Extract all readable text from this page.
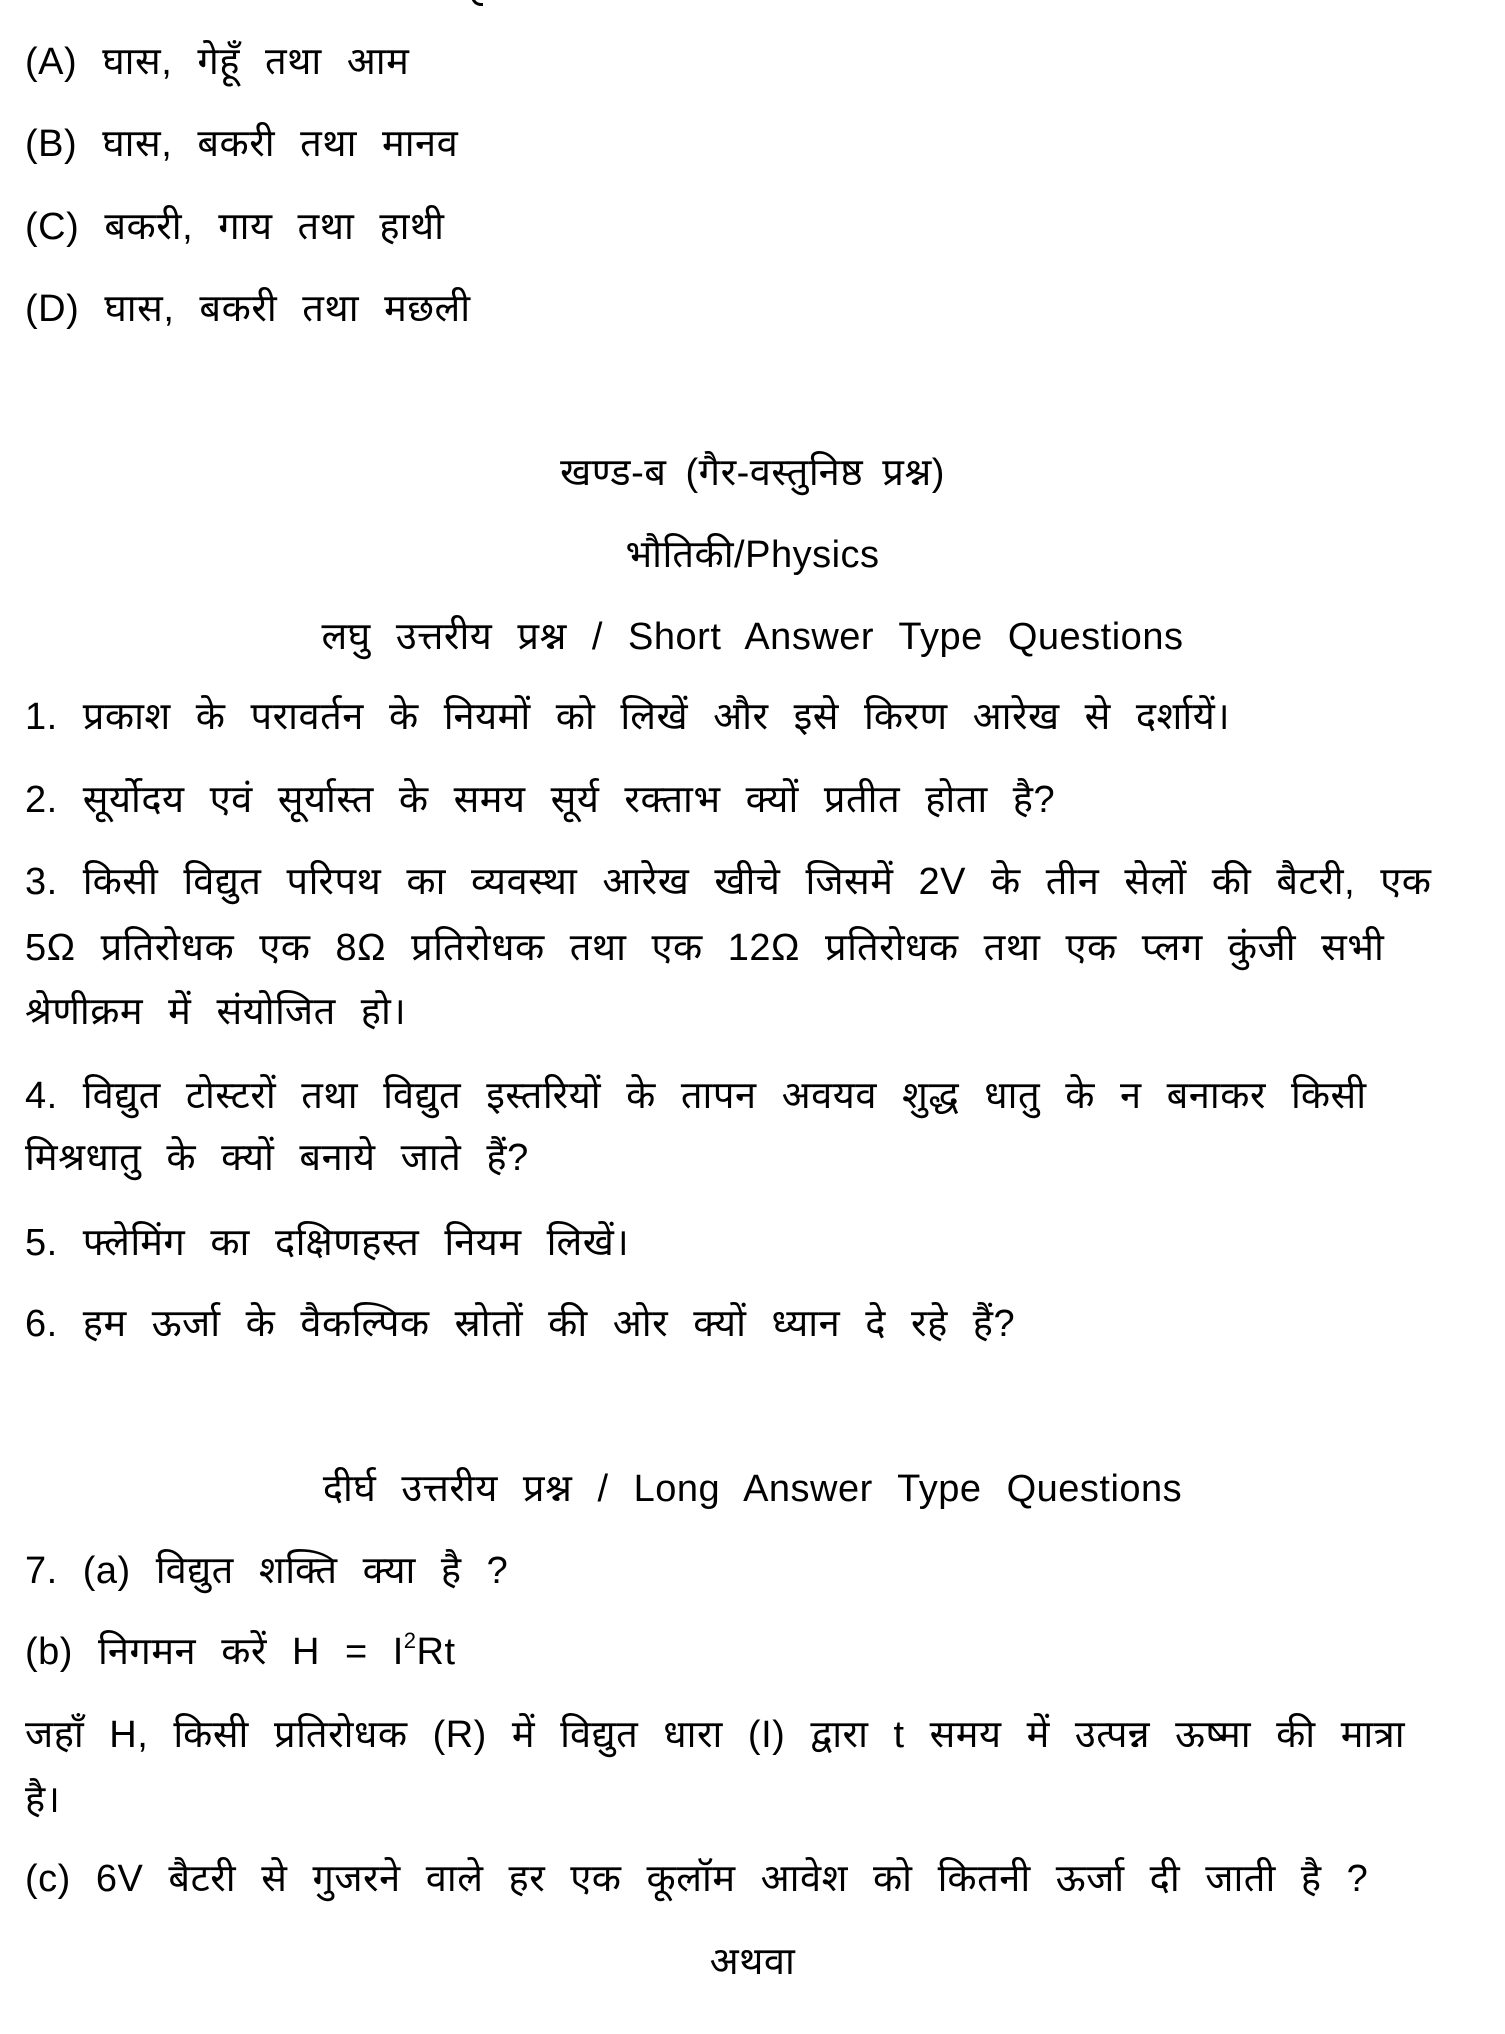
(A) घास, गेहूँ तथा आम
(B) घास, बकरी तथा मानव
(C) बकरी, गाय तथा हाथी
(D) घास, बकरी तथा मछली
खण्ड-ब (गैर-वस्तुनिष्ठ प्रश्न)
भौतिकी/Physics
लघु उत्तरीय प्रश्न / Short Answer Type Questions
1. प्रकाश के परावर्तन के नियमों को लिखें और इसे किरण आरेख से दर्शायें।
2. सूर्योदय एवं सूर्यास्त के समय सूर्य रक्ताभ क्यों प्रतीत होता है?
3. किसी विद्युत परिपथ का व्यवस्था आरेख खीचे जिसमें 2V के तीन सेलों की बैटरी, एक
5Ω प्रतिरोधक एक 8Ω प्रतिरोधक तथा एक 12Ω प्रतिरोधक तथा एक प्लग कुंजी सभी
श्रेणीक्रम में संयोजित हो।
4. विद्युत टोस्टरों तथा विद्युत इस्तरियों के तापन अवयव शुद्ध धातु के न बनाकर किसी
मिश्रधातु के क्यों बनाये जाते हैं?
5. फ्लेमिंग का दक्षिणहस्त नियम लिखें।
6. हम ऊर्जा के वैकल्पिक स्रोतों की ओर क्यों ध्यान दे रहे हैं?
दीर्घ उत्तरीय प्रश्न / Long Answer Type Questions
7. (a) विद्युत शक्ति क्या है ?
(b) निगमन करें $H = I^2Rt$
जहाँ H, किसी प्रतिरोधक (R) में विद्युत धारा (I) द्वारा t समय में उत्पन्न ऊष्मा की मात्रा
है।
(c) 6V बैटरी से गुजरने वाले हर एक कूलॉम आवेश को कितनी ऊर्जा दी जाती है ?
अथवा
